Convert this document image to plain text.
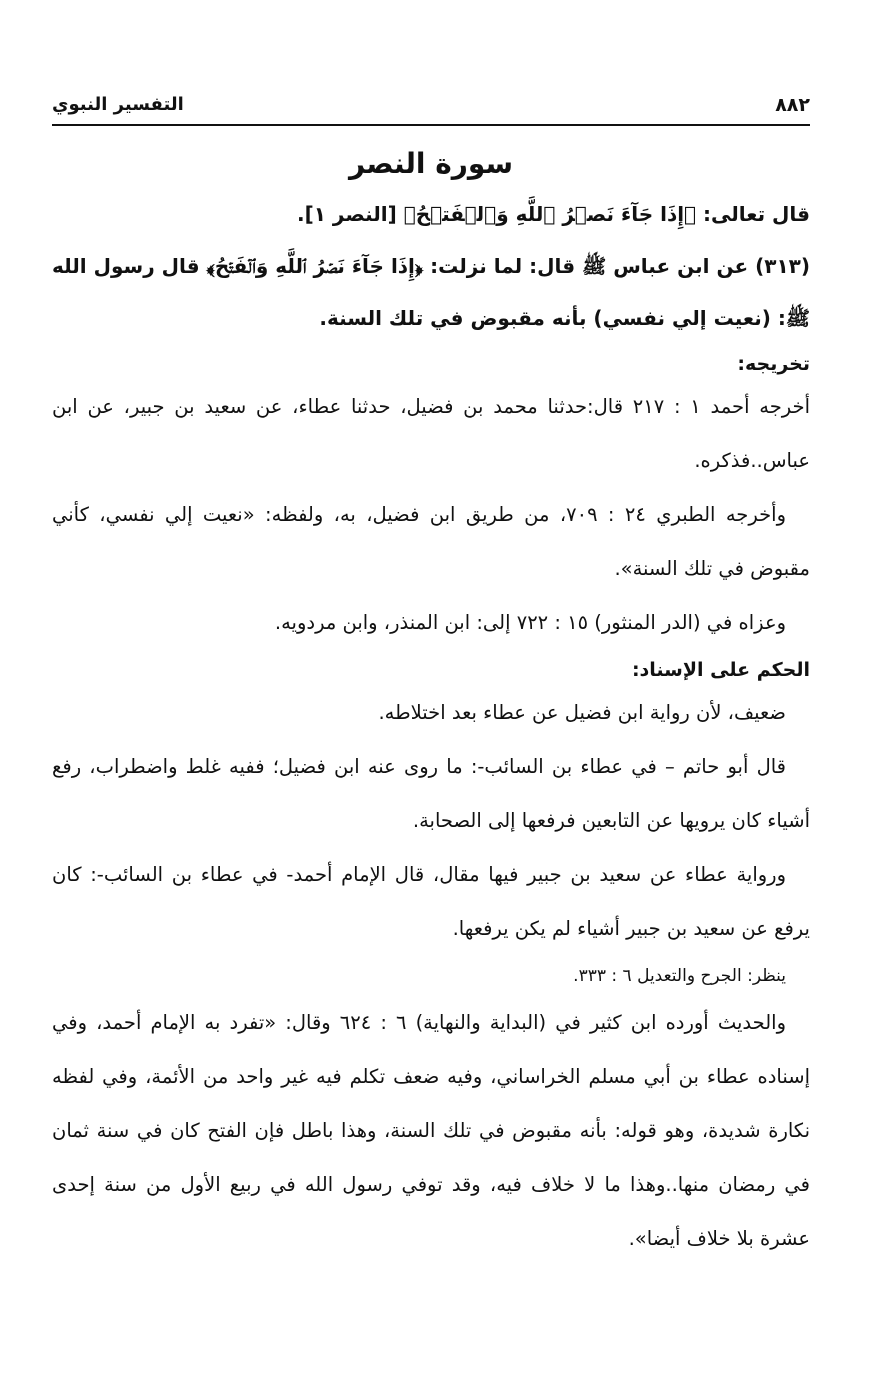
٨٨٢
التفسير النبوي
سورة النصر

قال تعالى: ﴿إِذَا جَآءَ نَصۡرُ ٱللَّهِ وَٱلۡفَتۡحُ﴾ [النصر ١].

(٣١٣) عن ابن عباس ﷺ قال: لما نزلت: ﴿إِذَا جَآءَ نَصۡرُ ٱللَّهِ وَٱلۡفَتۡحُ﴾ قال رسول الله ﷺ: (نعيت إلي نفسي) بأنه مقبوض في تلك السنة.

تخريجه:

أخرجه أحمد ١ : ٢١٧ قال:حدثنا محمد بن فضيل، حدثنا عطاء، عن سعيد بن جبير، عن ابن عباس..فذكره.

وأخرجه الطبري ٢٤ : ٧٠٩، من طريق ابن فضيل، به، ولفظه: «نعيت إلي نفسي، كأني مقبوض في تلك السنة».

وعزاه في (الدر المنثور) ١٥ : ٧٢٢ إلى: ابن المنذر، وابن مردويه.

الحكم على الإسناد:

ضعيف، لأن رواية ابن فضيل عن عطاء بعد اختلاطه.

قال أبو حاتم – في عطاء بن السائب-: ما روى عنه ابن فضيل؛ ففيه غلط واضطراب، رفع أشياء كان يرويها عن التابعين فرفعها إلى الصحابة.

ورواية عطاء عن سعيد بن جبير فيها مقال، قال الإمام أحمد- في عطاء بن السائب-: كان يرفع عن سعيد بن جبير أشياء لم يكن يرفعها.

ينظر: الجرح والتعديل ٦ : ٣٣٣.

والحديث أورده ابن كثير في (البداية والنهاية) ٦ : ٦٢٤ وقال: «تفرد به الإمام أحمد، وفي إسناده عطاء بن أبي مسلم الخراساني، وفيه ضعف تكلم فيه غير واحد من الأئمة، وفي لفظه نكارة شديدة، وهو قوله: بأنه مقبوض في تلك السنة، وهذا باطل فإن الفتح كان في سنة ثمان في رمضان منها..وهذا ما لا خلاف فيه، وقد توفي رسول الله في ربيع الأول من سنة إحدى عشرة بلا خلاف أيضا».
